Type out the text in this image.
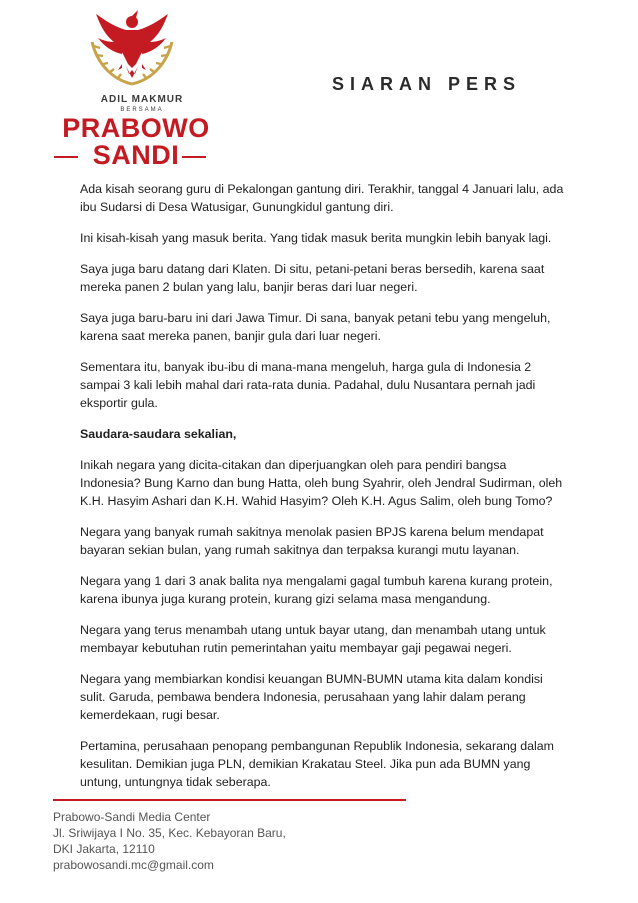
ADIL MAKMUR
BERSAMA
PRABOWO
SANDI
SIARAN PERS

Ada kisah seorang guru di Pekalongan gantung diri. Terakhir, tanggal 4 Januari lalu, ada ibu Sudarsi di Desa Watusigar, Gunungkidul gantung diri.

Ini kisah-kisah yang masuk berita. Yang tidak masuk berita mungkin lebih banyak lagi.

Saya juga baru datang dari Klaten. Di situ, petani-petani beras bersedih, karena saat mereka panen 2 bulan yang lalu, banjir beras dari luar negeri.

Saya juga baru-baru ini dari Jawa Timur. Di sana, banyak petani tebu yang mengeluh, karena saat mereka panen, banjir gula dari luar negeri.

Sementara itu, banyak ibu-ibu di mana-mana mengeluh, harga gula di Indonesia 2 sampai 3 kali lebih mahal dari rata-rata dunia. Padahal, dulu Nusantara pernah jadi eksportir gula.

Saudara-saudara sekalian,

Inikah negara yang dicita-citakan dan diperjuangkan oleh para pendiri bangsa Indonesia? Bung Karno dan bung Hatta, oleh bung Syahrir, oleh Jendral Sudirman, oleh K.H. Hasyim Ashari dan K.H. Wahid Hasyim? Oleh K.H. Agus Salim, oleh bung Tomo?

Negara yang banyak rumah sakitnya menolak pasien BPJS karena belum mendapat bayaran sekian bulan, yang rumah sakitnya dan terpaksa kurangi mutu layanan.

Negara yang 1 dari 3 anak balita nya mengalami gagal tumbuh karena kurang protein, karena ibunya juga kurang protein, kurang gizi selama masa mengandung.

Negara yang terus menambah utang untuk bayar utang, dan menambah utang untuk membayar kebutuhan rutin pemerintahan yaitu membayar gaji pegawai negeri.

Negara yang membiarkan kondisi keuangan BUMN-BUMN utama kita dalam kondisi sulit. Garuda, pembawa bendera Indonesia, perusahaan yang lahir dalam perang kemerdekaan, rugi besar.

Pertamina, perusahaan penopang pembangunan Republik Indonesia, sekarang dalam kesulitan. Demikian juga PLN, demikian Krakatau Steel. Jika pun ada BUMN yang untung, untungnya tidak seberapa.

Prabowo-Sandi Media Center
Jl. Sriwijaya I No. 35, Kec. Kebayoran Baru,
DKI Jakarta, 12110
prabowosandi.mc@gmail.com
